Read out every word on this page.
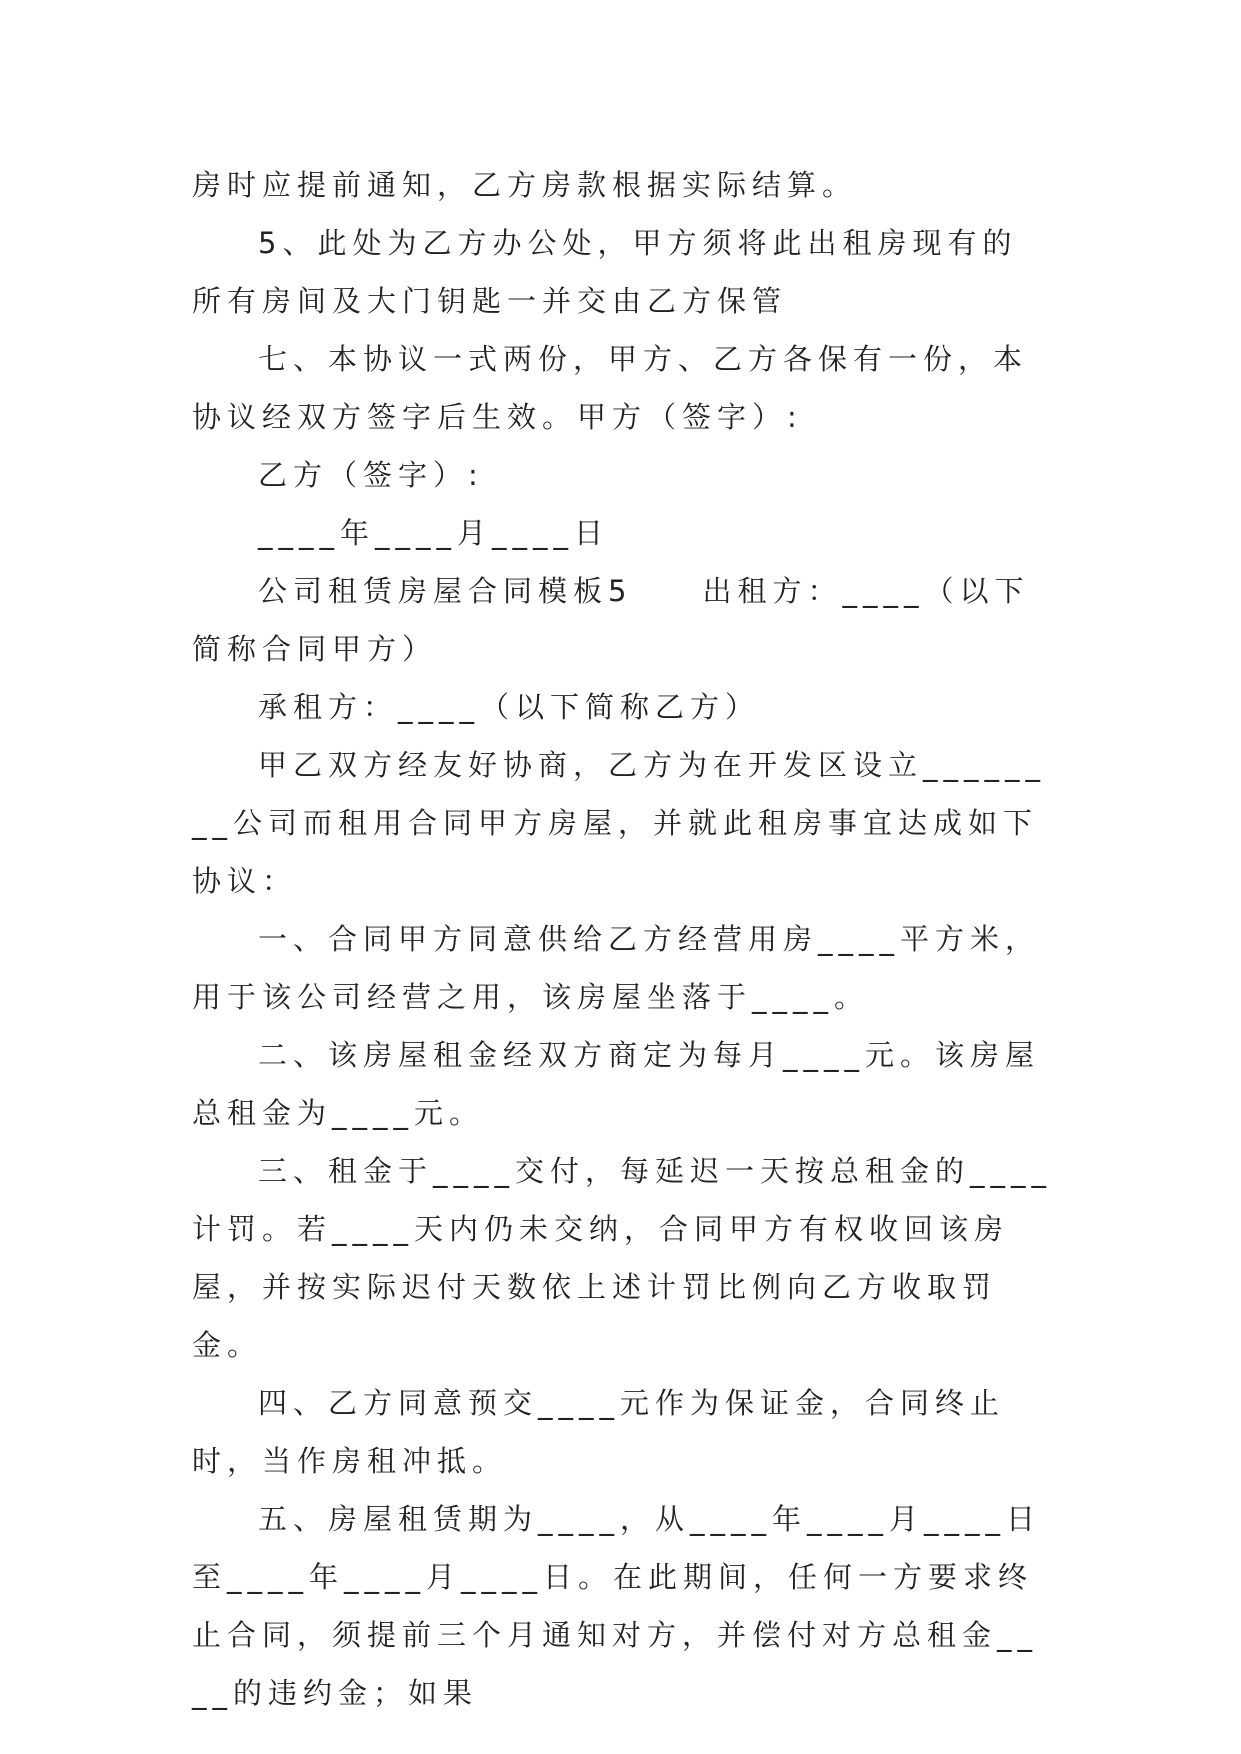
房时应提前通知，乙方房款根据实际结算。

5、此处为乙方办公处，甲方须将此出租房现有的所有房间及大门钥匙一并交由乙方保管

七、本协议一式两份，甲方、乙方各保有一份，本协议经双方签字后生效。甲方（签字）:

乙方（签字）:

____年____月____日

公司租赁房屋合同模板5　　出租方：____（以下简称合同甲方）

承租方：____（以下简称乙方）

甲乙双方经友好协商，乙方为在开发区设立________公司而租用合同甲方房屋，并就此租房事宜达成如下协议：

一、合同甲方同意供给乙方经营用房____平方米，用于该公司经营之用，该房屋坐落于____。

二、该房屋租金经双方商定为每月____元。该房屋总租金为____元。

三、租金于____交付，每延迟一天按总租金的____计罚。若____天内仍未交纳，合同甲方有权收回该房屋，并按实际迟付天数依上述计罚比例向乙方收取罚金。

四、乙方同意预交____元作为保证金，合同终止时，当作房租冲抵。

五、房屋租赁期为____，从____年____月____日至____年____月____日。在此期间，任何一方要求终止合同，须提前三个月通知对方，并偿付对方总租金____的违约金；如果
